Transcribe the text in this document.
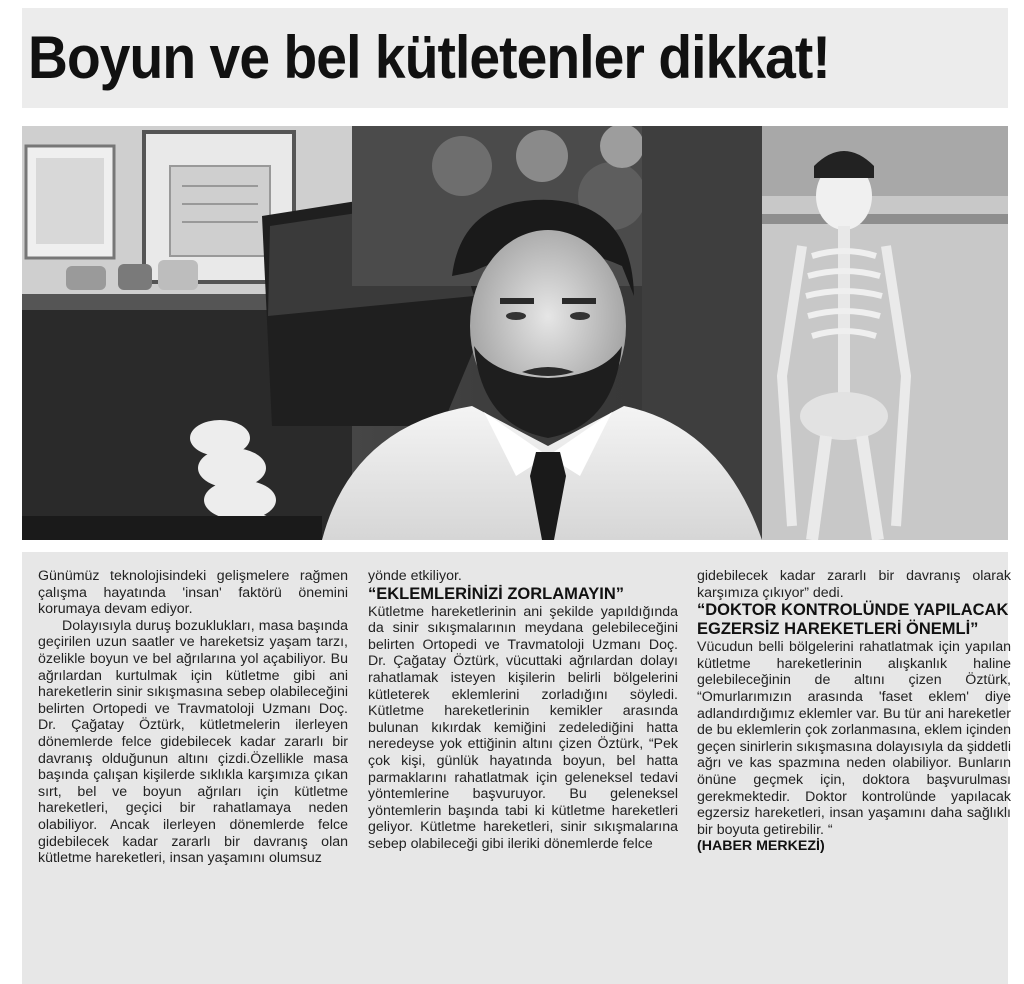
Boyun ve bel kütletenler dikkat!

Günümüz teknolojisindeki gelişmelere rağmen çalışma hayatında 'insan' faktörü önemini korumaya devam ediyor.

Dolayısıyla duruş bozuklukları, masa başında geçirilen uzun saatler ve hareketsiz yaşam tarzı, özelikle boyun ve bel ağrılarına yol açabiliyor. Bu ağrılardan kurtulmak için kütletme gibi ani hareketlerin sinir sıkışmasına sebep olabileceğini belirten Ortopedi ve Travmatoloji Uzmanı Doç. Dr. Çağatay Öztürk, kütletmelerin ilerleyen dönemlerde felce gidebilecek kadar zararlı bir davranış olduğunun altını çizdi.Özellikle masa başında çalışan kişilerde sıklıkla karşımıza çıkan sırt, bel ve boyun ağrıları için kütletme hareketleri, geçici bir rahatlamaya neden olabiliyor. Ancak ilerleyen dönemlerde felce gidebilecek kadar zararlı bir davranış olan kütletme hareketleri, insan yaşamını olumsuz

yönde etkiliyor.

“EKLEMLERİNİZİ ZORLAMAYIN”

Kütletme hareketlerinin ani şekilde yapıldığında da sinir sıkışmalarının meydana gelebileceğini belirten Ortopedi ve Travmatoloji Uzmanı Doç. Dr. Çağatay Öztürk, vücuttaki ağrılardan dolayı rahatlamak isteyen kişilerin belirli bölgelerini kütleterek eklemlerini zorladığını söyledi. Kütletme hareketlerinin kemikler arasında bulunan kıkırdak kemiğini zedelediğini hatta neredeyse yok ettiğinin altını çizen Öztürk, “Pek çok kişi, günlük hayatında boyun, bel hatta parmaklarını rahatlatmak için geleneksel tedavi yöntemlerine başvuruyor. Bu geleneksel yöntemlerin başında tabi ki kütletme hareketleri geliyor. Kütletme hareketleri, sinir sıkışmalarına sebep olabileceği gibi ileriki dönemlerde felce

gidebilecek kadar zararlı bir davranış olarak karşımıza çıkıyor” dedi.

“DOKTOR KONTROLÜNDE YAPILACAK EGZERSİZ HAREKETLERİ ÖNEMLİ”

Vücudun belli bölgelerini rahatlatmak için yapılan kütletme hareketlerinin alışkanlık haline gelebileceğinin de altını çizen Öztürk, “Omurlarımızın arasında 'faset eklem' diye adlandırdığımız eklemler var. Bu tür ani hareketler de bu eklemlerin çok zorlanmasına, eklem içinden geçen sinirlerin sıkışmasına dolayısıyla da şiddetli ağrı ve kas spazmına neden olabiliyor. Bunların önüne geçmek için, doktora başvurulması gerekmektedir. Doktor kontrolünde yapılacak egzersiz hareketleri, insan yaşamını daha sağlıklı bir boyuta getirebilir. “

(HABER MERKEZİ)
